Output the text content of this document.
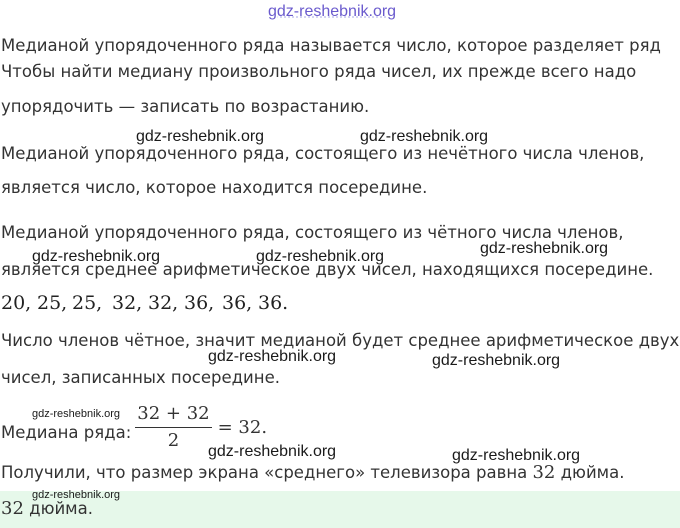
gdz-reshebnik.org
Медианой упорядоченного ряда называется число, которое разделяет ряд
Чтобы найти медиану произвольного ряда чисел, их прежде всего надо
упорядочить — записать по возрастанию.
gdz-reshebnik.org	gdz-reshebnik.org
Медианой упорядоченного ряда, состоящего из нечётного числа членов,
является число, которое находится посередине.
Медианой упорядоченного ряда, состоящего из чётного числа членов,
является среднее арифметическое двух чисел, находящихся посередине.
gdz-reshebnik.org	gdz-reshebnik.org	gdz-reshebnik.org
20, 25, 25, 32, 32, 36, 36, 36.
Число членов чётное, значит медианой будет среднее арифметическое двух
чисел, записанных посередине.
gdz-reshebnik.org	gdz-reshebnik.org
gdz-reshebnik.org
Медиана ряда: $\frac{32 + 32}{2} = 32$.
gdz-reshebnik.org	gdz-reshebnik.org
Получили, что размер экрана «среднего» телевизора равна 32 дюйма.
gdz-reshebnik.org
32 дюйма.
